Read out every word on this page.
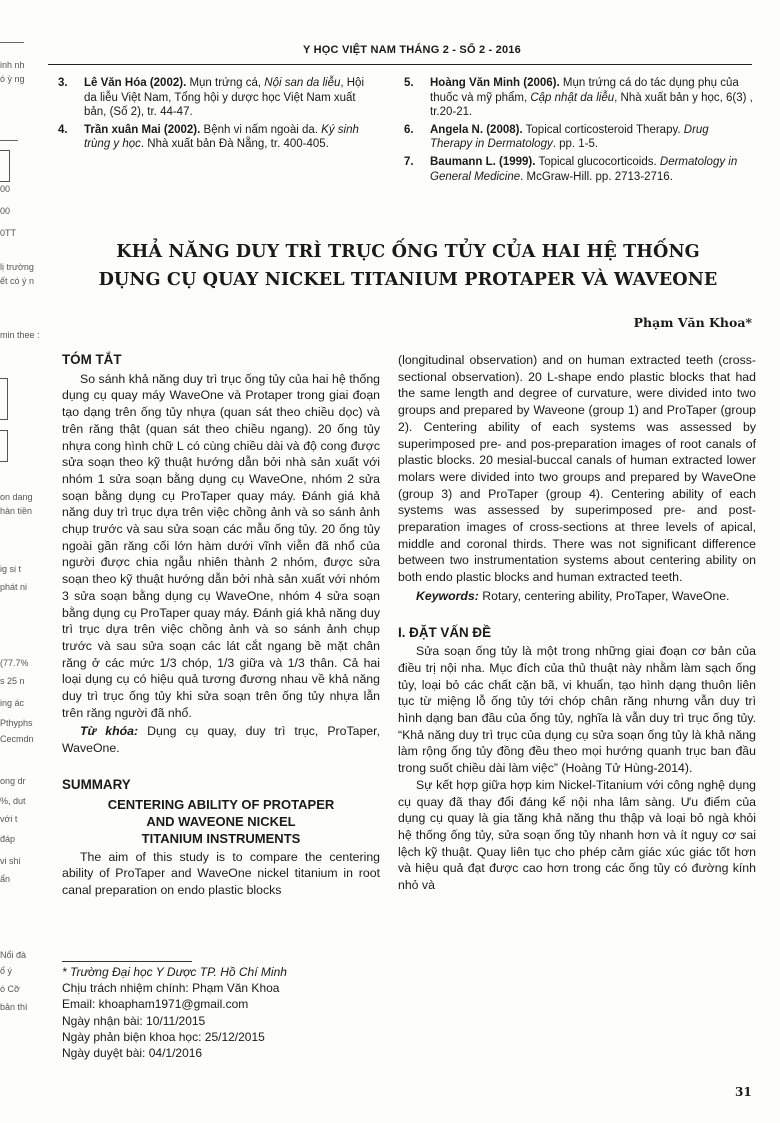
inh nh
ó ỳ ng
00
00
0TT
lị trường
ết có ý n
min thee :
on dang
hàn tiền
ig si t
phát ni
(77.7%
s 25 n
ing ác
Pthyphs
Cecmdn
ong dr
%, dut
với t
đáp
vi shi
ẩn
Nổi đà
ổ ý
ó Cỡ
bản thì
Y HỌC VIỆT NAM THÁNG 2 - SỐ 2 - 2016
3. Lê Văn Hóa (2002). Mụn trứng cá, Nội san da liễu, Hội da liễu Việt Nam, Tổng hội y dược học Việt Nam xuất bản, (Số 2), tr. 44-47.
4. Trần xuân Mai (2002). Bệnh vi nấm ngoài da. Ký sinh trùng y học. Nhà xuất bản Đà Nẵng, tr. 400-405.
5. Hoàng Văn Minh (2006). Mụn trứng cá do tác dụng phụ của thuốc và mỹ phẩm, Cập nhật da liễu, Nhà xuất bản y học, 6(3) , tr.20-21.
6. Angela N. (2008). Topical corticosteroid Therapy. Drug Therapy in Dermatology. pp. 1-5.
7. Baumann L. (1999). Topical glucocorticoids. Dermatology in General Medicine. McGraw-Hill. pp. 2713-2716.
KHẢ NĂNG DUY TRÌ TRỤC ỐNG TỦY CỦA HAI HỆ THỐNG
DỤNG CỤ QUAY NICKEL TITANIUM PROTAPER VÀ WAVEONE
Phạm Văn Khoa*
TÓM TẮT

So sánh khả năng duy trì trục ống tủy của hai hệ thống dụng cụ quay máy WaveOne và Protaper trong giai đoạn tạo dạng trên ống tủy nhựa (quan sát theo chiều dọc) và trên răng thật (quan sát theo chiều ngang). 20 ống tủy nhựa cong hình chữ L có cùng chiều dài và độ cong được sửa soạn theo kỹ thuật hướng dẫn bởi nhà sản xuất với nhóm 1 sửa soạn bằng dụng cụ WaveOne, nhóm 2 sửa soạn bằng dụng cụ ProTaper quay máy. Đánh giá khả năng duy trì trục dựa trên việc chồng ảnh và so sánh ảnh chụp trước và sau sửa soạn các mẫu ống tủy. 20 ống tủy ngoài gần răng cối lớn hàm dưới vĩnh viễn đã nhổ của người được chia ngẫu nhiên thành 2 nhóm, được sửa soạn theo kỹ thuật hướng dẫn bởi nhà sản xuất với nhóm 3 sửa soạn bằng dụng cụ WaveOne, nhóm 4 sửa soạn bằng dụng cụ ProTaper quay máy. Đánh giá khả năng duy trì trục dựa trên việc chồng ảnh và so sánh ảnh chụp trước và sau sửa soạn các lát cắt ngang bề mặt chân răng ở các mức 1/3 chóp, 1/3 giữa và 1/3 thân. Cả hai loại dụng cụ có hiệu quả tương đương nhau về khả năng duy trì trục ống tủy khi sửa soạn trên ống tủy nhựa lẫn trên răng người đã nhổ.

Từ khóa: Dụng cụ quay, duy trì trục, ProTaper, WaveOne.

SUMMARY
CENTERING ABILITY OF PROTAPER
AND WAVEONE NICKEL
TITANIUM INSTRUMENTS

The aim of this study is to compare the centering ability of ProTaper and WaveOne nickel titanium in root canal preparation on endo plastic blocks

* Trường Đại học Y Dược TP. Hồ Chí Minh
Chịu trách nhiệm chính: Phạm Văn Khoa
Email: khoapham1971@gmail.com
Ngày nhận bài: 10/11/2015
Ngày phản biện khoa học: 25/12/2015
Ngày duyệt bài: 04/1/2016

(longitudinal observation) and on human extracted teeth (cross-sectional observation). 20 L-shape endo plastic blocks that had the same length and degree of curvature, were divided into two groups and prepared by Waveone (group 1) and ProTaper (group 2). Centering ability of each systems was assessed by superimposed pre- and pos-preparation images of root canals of plastic blocks. 20 mesial-buccal canals of human extracted lower molars were divided into two groups and prepared by WaveOne (group 3) and ProTaper (group 4). Centering ability of each systems was assessed by superimposed pre- and post-preparation images of cross-sections at three levels of apical, middle and coronal thirds. There was not significant difference between two instrumentation systems about centering ability on both endo plastic blocks and human extracted teeth.

Keywords: Rotary, centering ability, ProTaper, WaveOne.

I. ĐẶT VẤN ĐỀ

Sửa soạn ống tủy là một trong những giai đoạn cơ bản của điều trị nội nha. Mục đích của thủ thuật này nhằm làm sạch ống tủy, loại bỏ các chất cặn bã, vi khuẩn, tạo hình dạng thuôn liên tục từ miệng lỗ ống tủy tới chóp chân răng nhưng vẫn duy trì hình dạng ban đầu của ống tủy, nghĩa là vẫn duy trì trục ống tủy. “Khả năng duy trì trục của dụng cụ sửa soạn ống tủy là khả năng làm rộng ống tủy đồng đều theo mọi hướng quanh trục ban đầu trong suốt chiều dài làm việc” (Hoàng Tử Hùng-2014).

Sự kết hợp giữa hợp kim Nickel-Titanium với công nghệ dụng cụ quay đã thay đổi đáng kể nội nha lâm sàng. Ưu điểm của dụng cụ quay là gia tăng khả năng thu thập và loại bỏ ngà khỏi hệ thống ống tủy, sửa soạn ống tủy nhanh hơn và ít nguy cơ sai lệch kỹ thuật. Quay liên tục cho phép cảm giác xúc giác tốt hơn và hiệu quả đạt được cao hơn trong các ống tủy có đường kính nhỏ và

31
